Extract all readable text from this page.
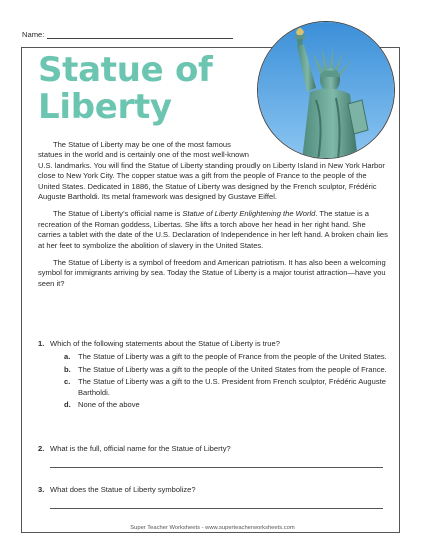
Name:
Statue of
Liberty

The Statue of Liberty may be one of the most famous
statues in the world and is certainly one of the most well-known
U.S. landmarks. You will find the Statue of Liberty standing proudly on Liberty Island in New York Harbor close to New York City. The copper statue was a gift from the people of France to the people of the United States. Dedicated in 1886, the Statue of Liberty was designed by the French sculptor, Frédéric Auguste Bartholdi. Its metal framework was designed by Gustave Eiffel.

The Statue of Liberty’s official name is Statue of Liberty Enlightening the World. The statue is a recreation of the Roman goddess, Libertas. She lifts a torch above her head in her right hand. She carries a tablet with the date of the U.S. Declaration of Independence in her left hand. A broken chain lies at her feet to symbolize the abolition of slavery in the United States.

The Statue of Liberty is a symbol of freedom and American patriotism. It has also been a welcoming symbol for immigrants arriving by sea. Today the Statue of Liberty is a major tourist attraction—have you seen it?

1. Which of the following statements about the Statue of Liberty is true?
a. The Statue of Liberty was a gift to the people of France from the people of the United States.
b. The Statue of Liberty was a gift to the people of the United States from the people of France.
c. The Statue of Liberty was a gift to the U.S. President from French sculptor, Frédéric Auguste Bartholdi.
d. None of the above
2. What is the full, official name for the Statue of Liberty?
3. What does the Statue of Liberty symbolize?
Super Teacher Worksheets - www.superteacherworksheets.com
